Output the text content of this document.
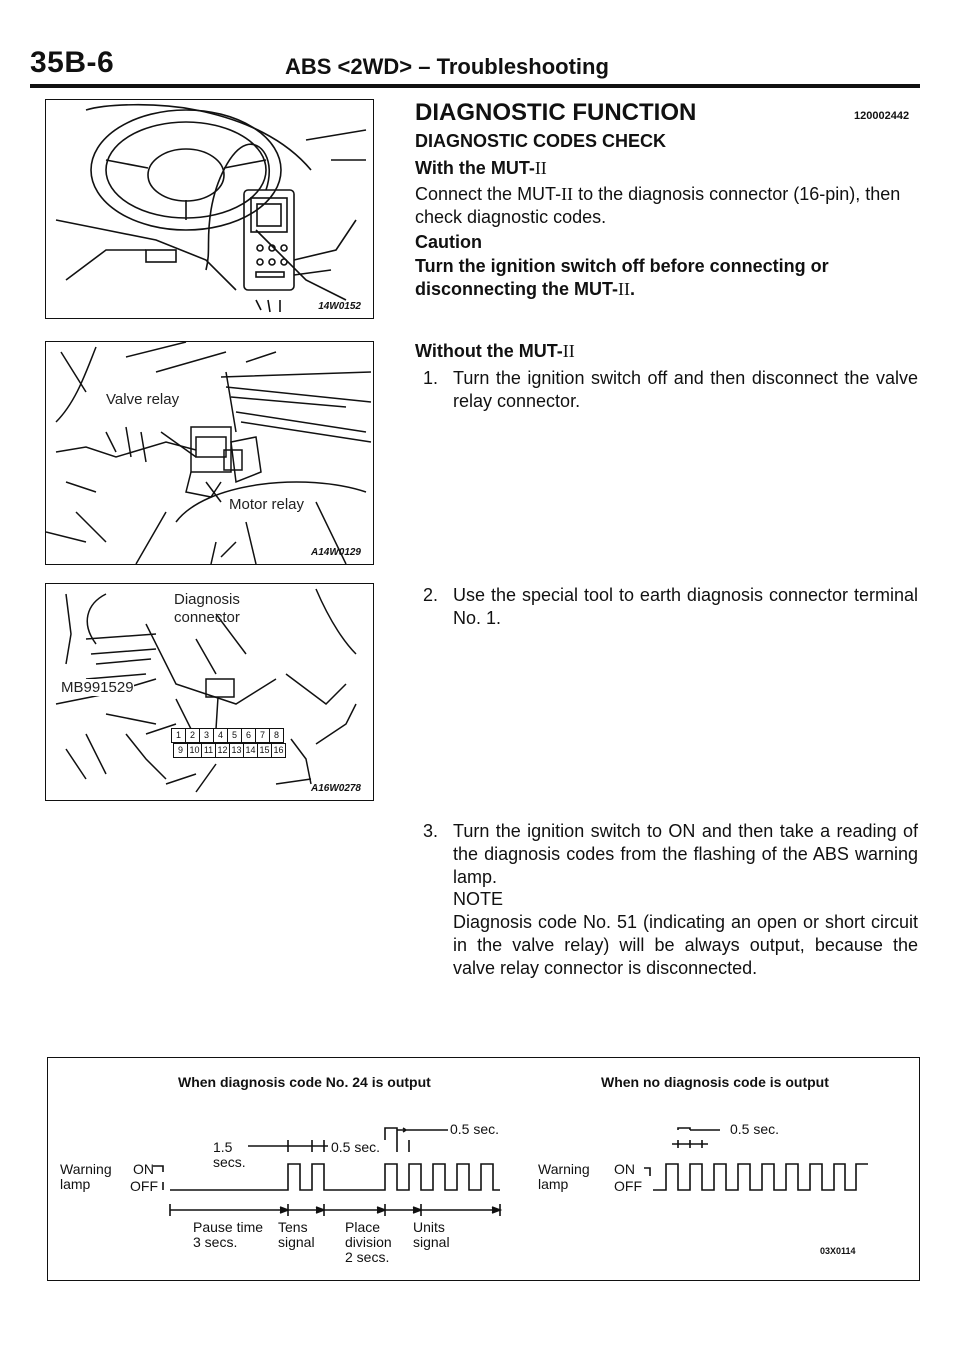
35B-6	ABS <2WD> – Troubleshooting
14W0152
Valve relay
Motor relay
A14W0129
Diagnosis
connector
MB991529
1 2 3 4 5 6 7 8
9 10 11 12 13 14 15 16
A16W0278
DIAGNOSTIC FUNCTION	120002442
DIAGNOSTIC CODES CHECK
With the MUT-II
Connect the MUT-II to the diagnosis connector (16-pin), then check diagnostic codes.
Caution
Turn the ignition switch off before connecting or disconnecting the MUT-II.
Without the MUT-II
1. Turn the ignition switch off and then disconnect the valve relay connector.
2. Use the special tool to earth diagnosis connector terminal No. 1.
3. Turn the ignition switch to ON and then take a reading of the diagnosis codes from the flashing of the ABS warning lamp.
NOTE
Diagnosis code No. 51 (indicating an open or short circuit in the valve relay) will be always output, because the valve relay connector is disconnected.
When diagnosis code No. 24 is output	When no diagnosis code is output
Warning
lamp
ON
OFF
1.5
secs.
0.5 sec.
0.5 sec.
Pause time
3 secs.
Tens
signal
Place
division
2 secs.
Units
signal
Warning
lamp
ON
OFF
0.5 sec.
03X0114
